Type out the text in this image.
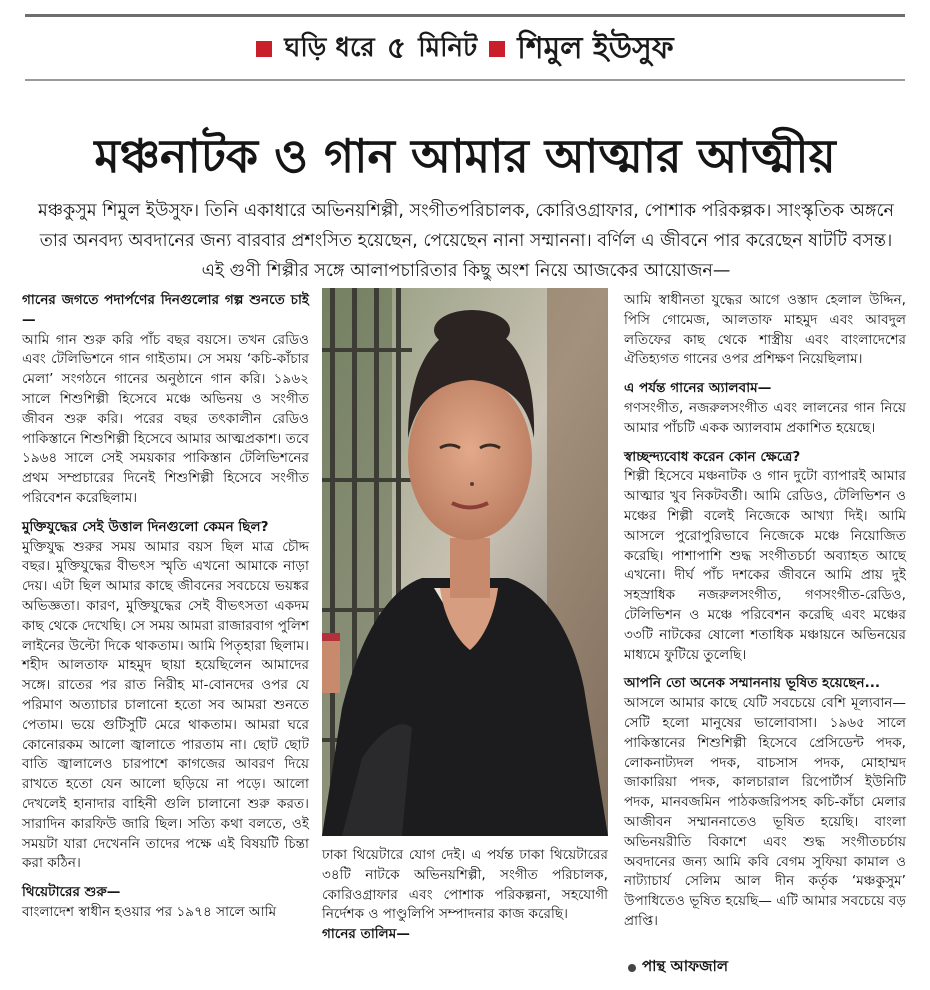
ঘড়ি ধরে ৫ মিনিট শিমুল ইউসুফ
মঞ্চনাটক ও গান আমার আত্মার আত্মীয়

মঞ্চকুসুম শিমুল ইউসুফ। তিনি একাধারে অভিনয়শিল্পী, সংগীতপরিচালক, কোরিওগ্রাফার, পোশাক পরিকল্পক। সাংস্কৃতিক অঙ্গনে তার অনবদ্য অবদানের জন্য বারবার প্রশংসিত হয়েছেন, পেয়েছেন নানা সম্মাননা। বর্ণিল এ জীবনে পার করেছেন ষাটটি বসন্ত। এই গুণী শিল্পীর সঙ্গে আলাপচারিতার কিছু অংশ নিয়ে আজকের আয়োজন—

গানের জগতে পদার্পণের দিনগুলোর গল্প শুনতে চাই—

আমি গান শুরু করি পাঁচ বছর বয়সে। তখন রেডিও এবং টেলিভিশনে গান গাইতাম। সে সময় ‘কচি-কাঁচার মেলা’ সংগঠনে গানের অনুষ্ঠানে গান করি। ১৯৬২ সালে শিশুশিল্পী হিসেবে মঞ্চে অভিনয় ও সংগীত জীবন শুরু করি। পরের বছর তৎকালীন রেডিও পাকিস্তানে শিশুশিল্পী হিসেবে আমার আত্মপ্রকাশ। তবে ১৯৬৪ সালে সেই সময়কার পাকিস্তান টেলিভিশনের প্রথম সম্প্রচারের দিনেই শিশুশিল্পী হিসেবে সংগীত পরিবেশন করেছিলাম।

মুক্তিযুদ্ধের সেই উত্তাল দিনগুলো কেমন ছিল?

মুক্তিযুদ্ধ শুরুর সময় আমার বয়স ছিল মাত্র চৌদ্দ বছর। মুক্তিযুদ্ধের বীভৎস স্মৃতি এখনো আমাকে নাড়া দেয়। এটা ছিল আমার কাছে জীবনের সবচেয়ে ভয়ঙ্কর অভিজ্ঞতা। কারণ, মুক্তিযুদ্ধের সেই বীভৎসতা একদম কাছ থেকে দেখেছি। সে সময় আমরা রাজারবাগ পুলিশ লাইনের উল্টো দিকে থাকতাম। আমি পিতৃহারা ছিলাম। শহীদ আলতাফ মাহমুদ ছায়া হয়েছিলেন আমাদের সঙ্গে। রাতের পর রাত নিরীহ মা-বোনদের ওপর যে পরিমাণ অত্যাচার চালানো হতো সব আমরা শুনতে পেতাম। ভয়ে গুটিসুটি মেরে থাকতাম। আমরা ঘরে কোনোরকম আলো জ্বালাতে পারতাম না। ছোট ছোট বাতি জ্বালালেও চারপাশে কাগজের আবরণ দিয়ে রাখতে হতো যেন আলো ছড়িয়ে না পড়ে। আলো দেখলেই হানাদার বাহিনী গুলি চালানো শুরু করত। সারাদিন কারফিউ জারি ছিল। সত্যি কথা বলতে, ওই সময়টা যারা দেখেননি তাদের পক্ষে এই বিষয়টি চিন্তা করা কঠিন।

থিয়েটারের শুরু—

বাংলাদেশ স্বাধীন হওয়ার পর ১৯৭৪ সালে আমি

ঢাকা থিয়েটারে যোগ দেই। এ পর্যন্ত ঢাকা থিয়েটারের ৩৪টি নাটকে অভিনয়শিল্পী, সংগীত পরিচালক, কোরিওগ্রাফার এবং পোশাক পরিকল্পনা, সহযোগী নির্দেশক ও পাণ্ডুলিপি সম্পাদনার কাজ করেছি।

গানের তালিম—

আমি স্বাধীনতা যুদ্ধের আগে ওস্তাদ হেলাল উদ্দিন, পিসি গোমেজ, আলতাফ মাহমুদ এবং আবদুল লতিফের কাছ থেকে শাস্ত্রীয় এবং বাংলাদেশের ঐতিহ্যগত গানের ওপর প্রশিক্ষণ নিয়েছিলাম।

এ পর্যন্ত গানের অ্যালবাম—

গণসংগীত, নজরুলসংগীত এবং লালনের গান নিয়ে আমার পাঁচটি একক অ্যালবাম প্রকাশিত হয়েছে।

স্বাচ্ছন্দ্যবোধ করেন কোন ক্ষেত্রে?

শিল্পী হিসেবে মঞ্চনাটক ও গান দুটো ব্যাপারই আমার আত্মার খুব নিকটবর্তী। আমি রেডিও, টেলিভিশন ও মঞ্চের শিল্পী বলেই নিজেকে আখ্যা দিই। আমি আসলে পুরোপুরিভাবে নিজেকে মঞ্চে নিয়োজিত করেছি। পাশাপাশি শুদ্ধ সংগীতচর্চা অব্যাহত আছে এখনো। দীর্ঘ পাঁচ দশকের জীবনে আমি প্রায় দুই সহস্রাধিক নজরুলসংগীত, গণসংগীত-রেডিও, টেলিভিশন ও মঞ্চে পরিবেশন করেছি এবং মঞ্চের ৩৩টি নাটকের ষোলো শতাধিক মঞ্চায়নে অভিনয়ের মাধ্যমে ফুটিয়ে তুলেছি।

আপনি তো অনেক সম্মাননায় ভূষিত হয়েছেন...

আসলে আমার কাছে যেটি সবচেয়ে বেশি মূল্যবান— সেটি হলো মানুষের ভালোবাসা। ১৯৬৫ সালে পাকিস্তানের শিশুশিল্পী হিসেবে প্রেসিডেন্ট পদক, লোকনাট্যদল পদক, বাচসাস পদক, মোহাম্মদ জাকারিয়া পদক, কালচারাল রিপোর্টার্স ইউনিটি পদক, মানবজমিন পাঠকজরিপসহ কচি-কাঁচা মেলার আজীবন সম্মাননাতেও ভূষিত হয়েছি। বাংলা অভিনয়রীতি বিকাশে এবং শুদ্ধ সংগীতচর্চায় অবদানের জন্য আমি কবি বেগম সুফিয়া কামাল ও নাট্যাচার্য সেলিম আল দীন কর্তৃক ‘মঞ্চকুসুম’ উপাধিতেও ভূষিত হয়েছি— এটি আমার সবচেয়ে বড় প্রাপ্তি।

পান্থ আফজাল
